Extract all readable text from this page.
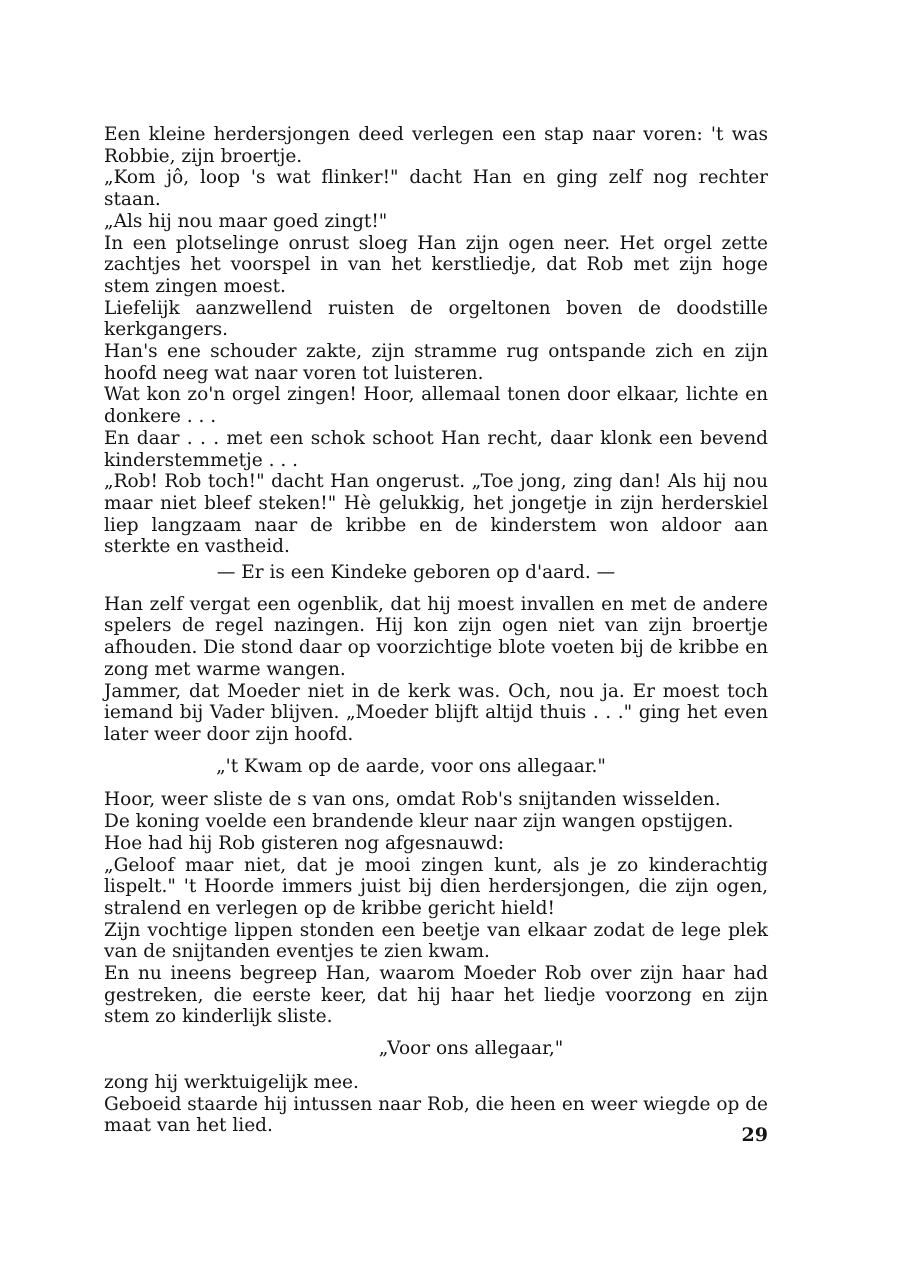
Een kleine herdersjongen deed verlegen een stap naar voren: 't was Robbie, zijn broertje.

„Kom jô, loop 's wat flinker!" dacht Han en ging zelf nog rechter staan.

„Als hij nou maar goed zingt!"

In een plotselinge onrust sloeg Han zijn ogen neer. Het orgel zette zachtjes het voorspel in van het kerstliedje, dat Rob met zijn hoge stem zingen moest.

Liefelijk aanzwellend ruisten de orgeltonen boven de doodstille kerkgangers.

Han's ene schouder zakte, zijn stramme rug ontspande zich en zijn hoofd neeg wat naar voren tot luisteren.

Wat kon zo'n orgel zingen! Hoor, allemaal tonen door elkaar, lichte en donkere . . .

En daar . . . met een schok schoot Han recht, daar klonk een bevend kinderstemmetje . . .

„Rob! Rob toch!" dacht Han ongerust. „Toe jong, zing dan! Als hij nou maar niet bleef steken!" Hè gelukkig, het jongetje in zijn herderskiel liep langzaam naar de kribbe en de kinderstem won aldoor aan sterkte en vastheid.

— Er is een Kindeke geboren op d'aard. —

Han zelf vergat een ogenblik, dat hij moest invallen en met de andere spelers de regel nazingen. Hij kon zijn ogen niet van zijn broertje afhouden. Die stond daar op voorzichtige blote voeten bij de kribbe en zong met warme wangen.

Jammer, dat Moeder niet in de kerk was. Och, nou ja. Er moest toch iemand bij Vader blijven. „Moeder blijft altijd thuis . . ." ging het even later weer door zijn hoofd.

„'t Kwam op de aarde, voor ons allegaar."

Hoor, weer sliste de s van ons, omdat Rob's snijtanden wisselden.

De koning voelde een brandende kleur naar zijn wangen opstijgen.

Hoe had hij Rob gisteren nog afgesnauwd:

„Geloof maar niet, dat je mooi zingen kunt, als je zo kinderachtig lispelt." 't Hoorde immers juist bij dien herdersjongen, die zijn ogen, stralend en verlegen op de kribbe gericht hield!

Zijn vochtige lippen stonden een beetje van elkaar zodat de lege plek van de snijtanden eventjes te zien kwam.

En nu ineens begreep Han, waarom Moeder Rob over zijn haar had gestreken, die eerste keer, dat hij haar het liedje voorzong en zijn stem zo kinderlijk sliste.

„Voor ons allegaar,"

zong hij werktuigelijk mee.

Geboeid staarde hij intussen naar Rob, die heen en weer wiegde op de maat van het lied.	29
